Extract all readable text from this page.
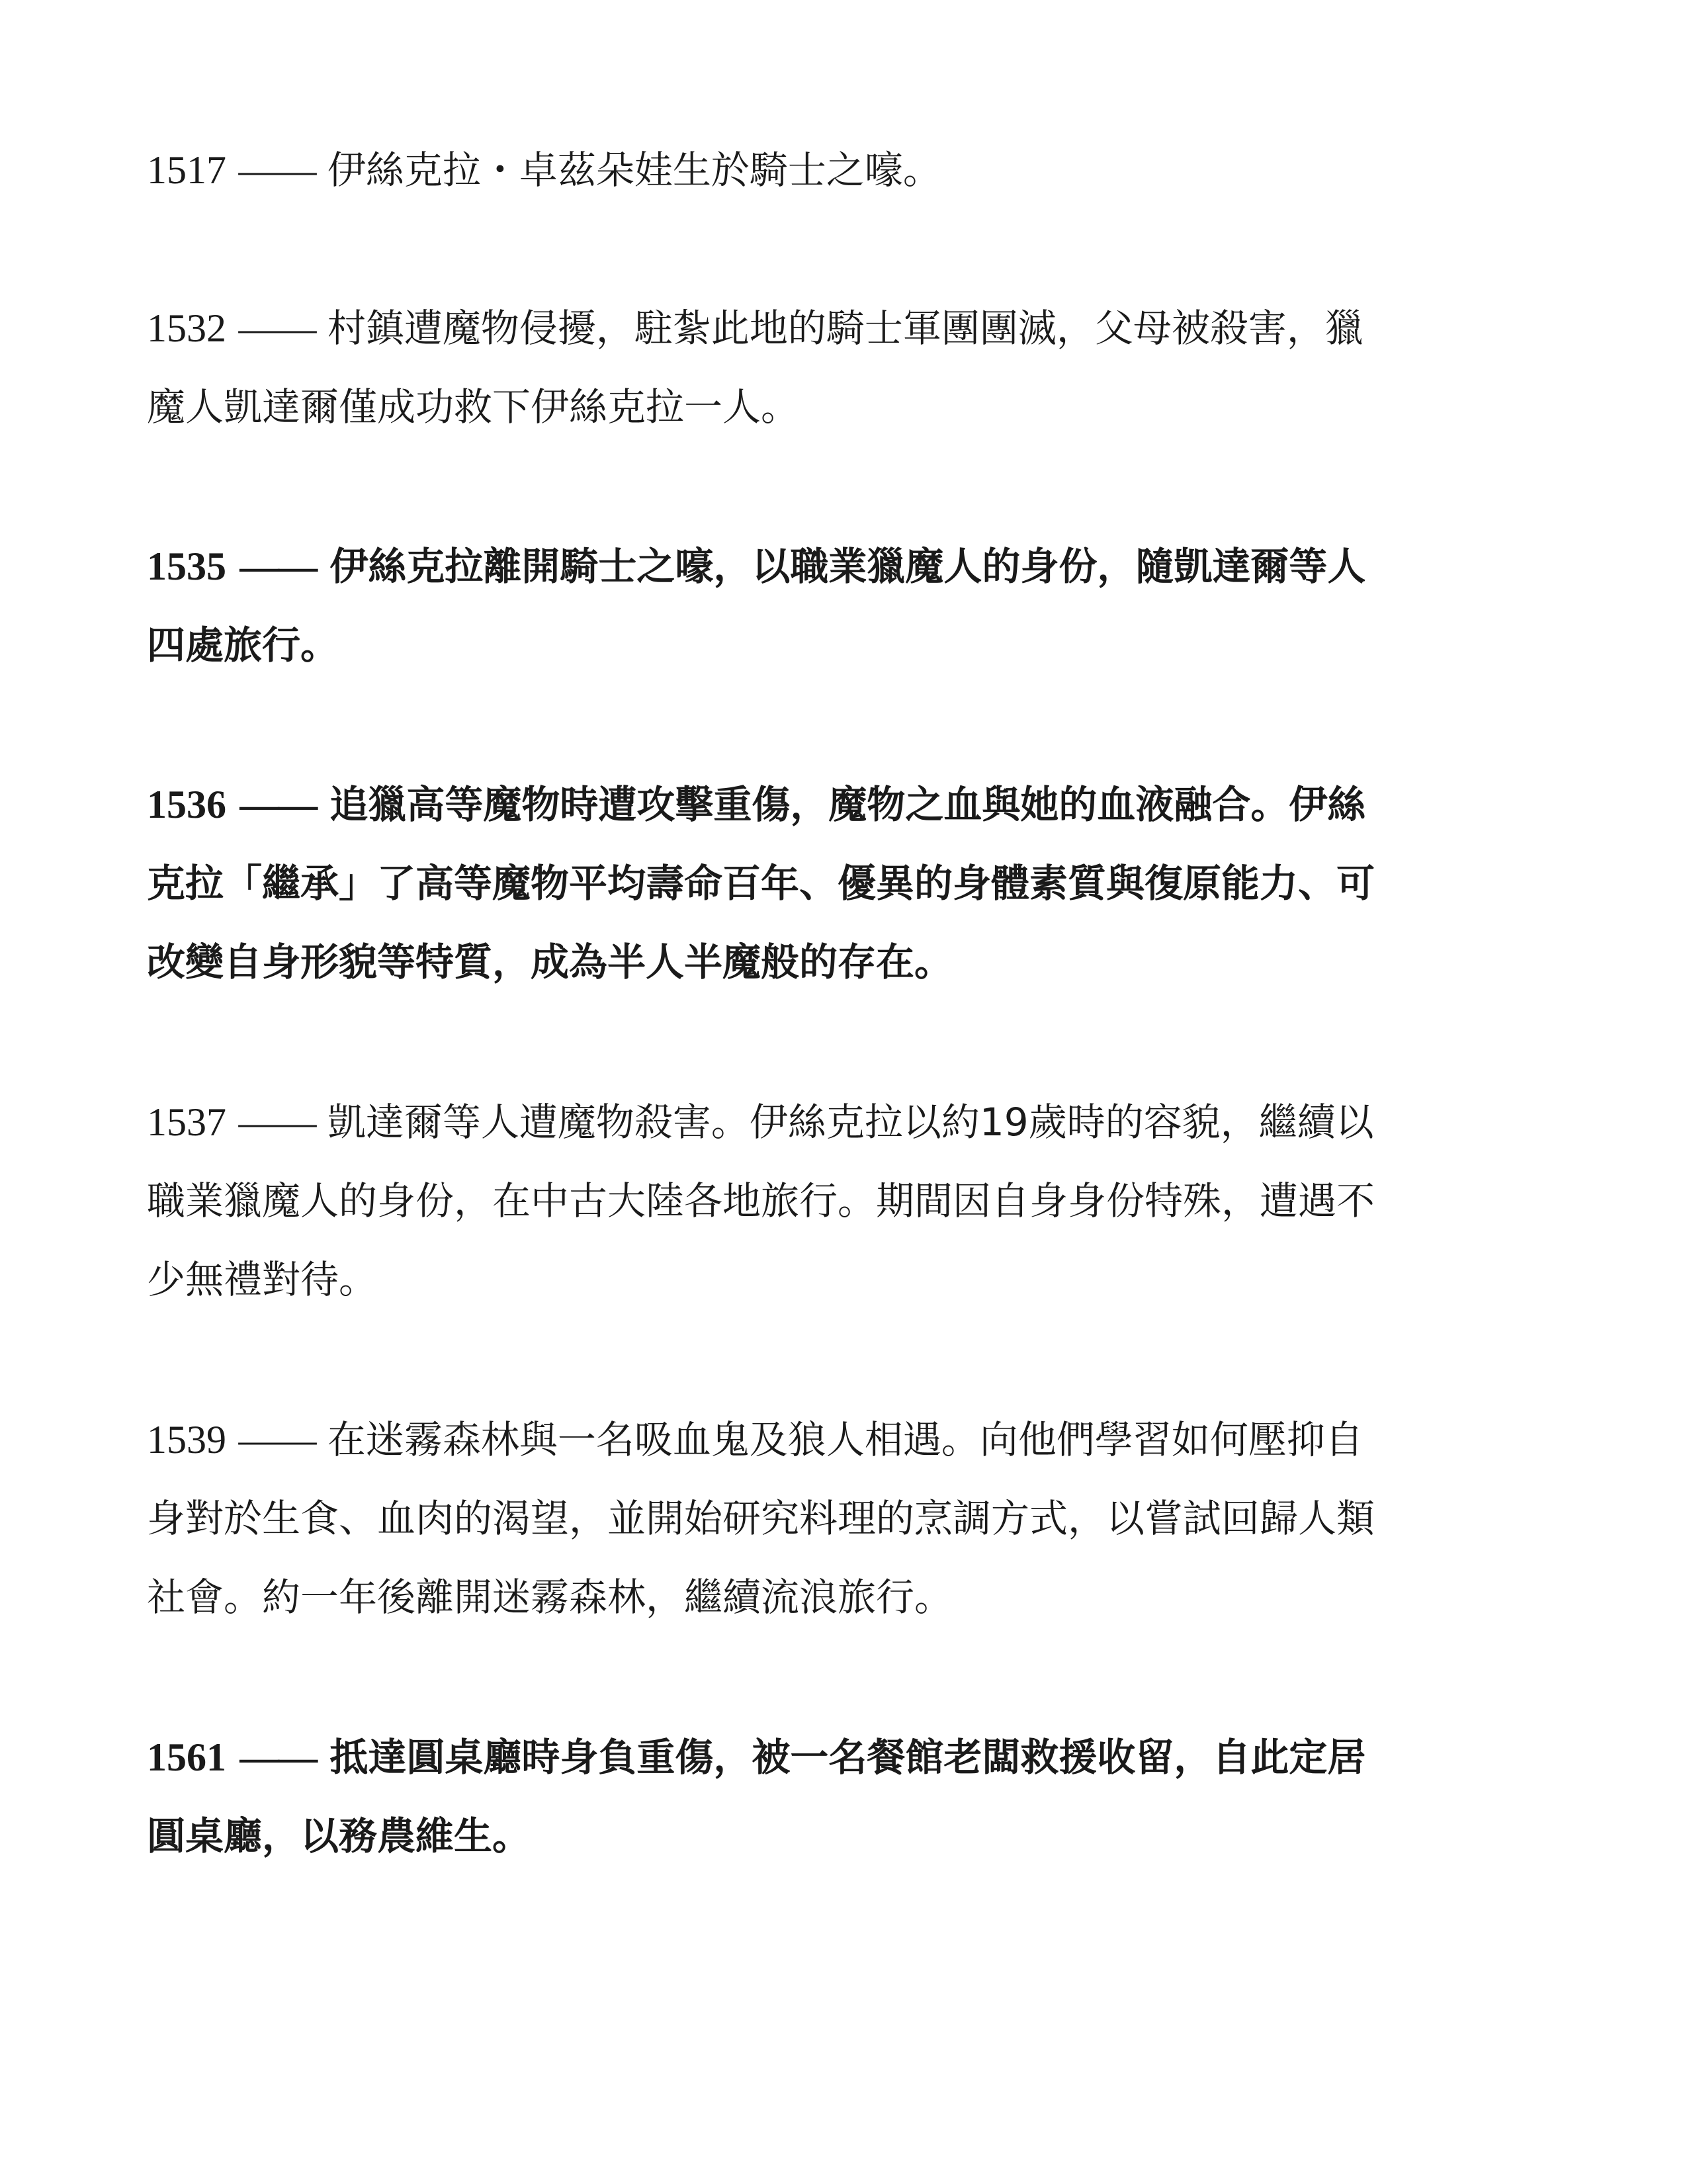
1517 —— 伊絲克拉・卓茲朵娃生於騎士之嚎。

1532 —— 村鎮遭魔物侵擾，駐紮此地的騎士軍團團滅，父母被殺害，獵

魔人凱達爾僅成功救下伊絲克拉一人。

1535 —— 伊絲克拉離開騎士之嚎，以職業獵魔人的身份，隨凱達爾等人

四處旅行。

1536 —— 追獵高等魔物時遭攻擊重傷，魔物之血與她的血液融合。伊絲

克拉「繼承」了高等魔物平均壽命百年、優異的身體素質與復原能力、可

改變自身形貌等特質，成為半人半魔般的存在。

1537 —— 凱達爾等人遭魔物殺害。伊絲克拉以約19歲時的容貌，繼續以

職業獵魔人的身份，在中古大陸各地旅行。期間因自身身份特殊，遭遇不

少無禮對待。

1539 —— 在迷霧森林與一名吸血鬼及狼人相遇。向他們學習如何壓抑自

身對於生食、血肉的渴望，並開始研究料理的烹調方式，以嘗試回歸人類

社會。約一年後離開迷霧森林，繼續流浪旅行。

1561 —— 抵達圓桌廳時身負重傷，被一名餐館老闆救援收留，自此定居

圓桌廳，以務農維生。
